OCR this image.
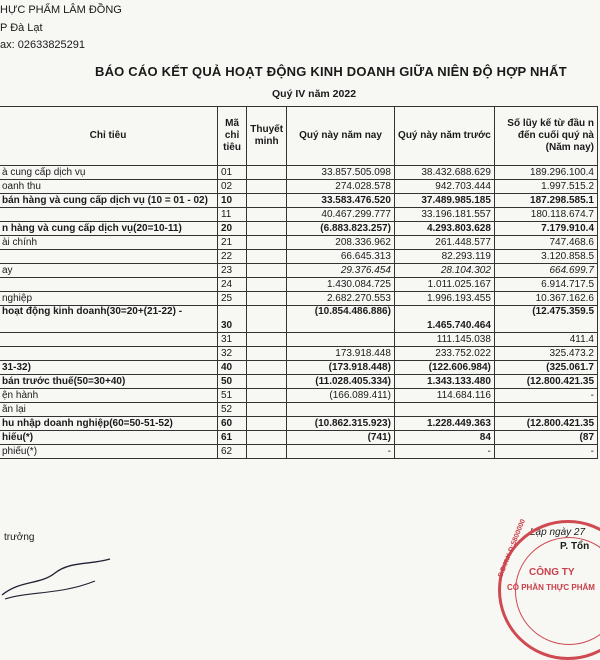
HỰC PHẨM LÂM ĐỒNG
P Đà Lạt
ax: 02633825291
BÁO CÁO KẾT QUẢ HOẠT ĐỘNG KINH DOANH GIỮA NIÊN ĐỘ HỢP NHẤT
Quý IV năm 2022
Chỉ tiêu	Mã chỉ tiêu	Thuyết minh	Quý này năm nay	Quý này năm trước	Số lũy kế từ đầu n đến cuối quý nà (Năm nay)
à cung cấp dịch vụ	01		33.857.505.098	38.432.688.629	189.296.100.4
oanh thu	02		274.028.578	942.703.444	1.997.515.2
bán hàng và cung cấp dịch vụ (10 = 01 - 02)	10		33.583.476.520	37.489.985.185	187.298.585.1
	11		40.467.299.777	33.196.181.557	180.118.674.7
n hàng và cung cấp dịch vụ(20=10-11)	20		(6.883.823.257)	4.293.803.628	7.179.910.4
ài chính	21		208.336.962	261.448.577	747.468.6
	22		66.645.313	82.293.119	3.120.858.5
ay	23		29.376.454	28.104.302	664.699.7
	24		1.430.084.725	1.011.025.167	6.914.717.5
nghiệp	25		2.682.270.553	1.996.193.455	10.367.162.6
hoạt động kinh doanh(30=20+(21-22) -	30		(10.854.486.886)	1.465.740.464	(12.475.359.5
	31			111.145.038	411.4
	32		173.918.448	233.752.022	325.473.2
31-32)	40		(173.918.448)	(122.606.984)	(325.061.7
bán trước thuế(50=30+40)	50		(11.028.405.334)	1.343.133.480	(12.800.421.35
ện hành	51		(166.089.411)	114.684.116	-
ãn lại	52				
hu nhập doanh nghiệp(60=50-51-52)	60		(10.862.315.923)	1.228.449.363	(12.800.421.35
hiếu(*)	61		(741)	84	(87
phiếu(*)	62		-	-	-
trưởng	Lập ngày 27
P. Tổn
CÔNG TY
CỔ PHẦN THỰC PHẨM
S.Đ.K.K.D:5800000
